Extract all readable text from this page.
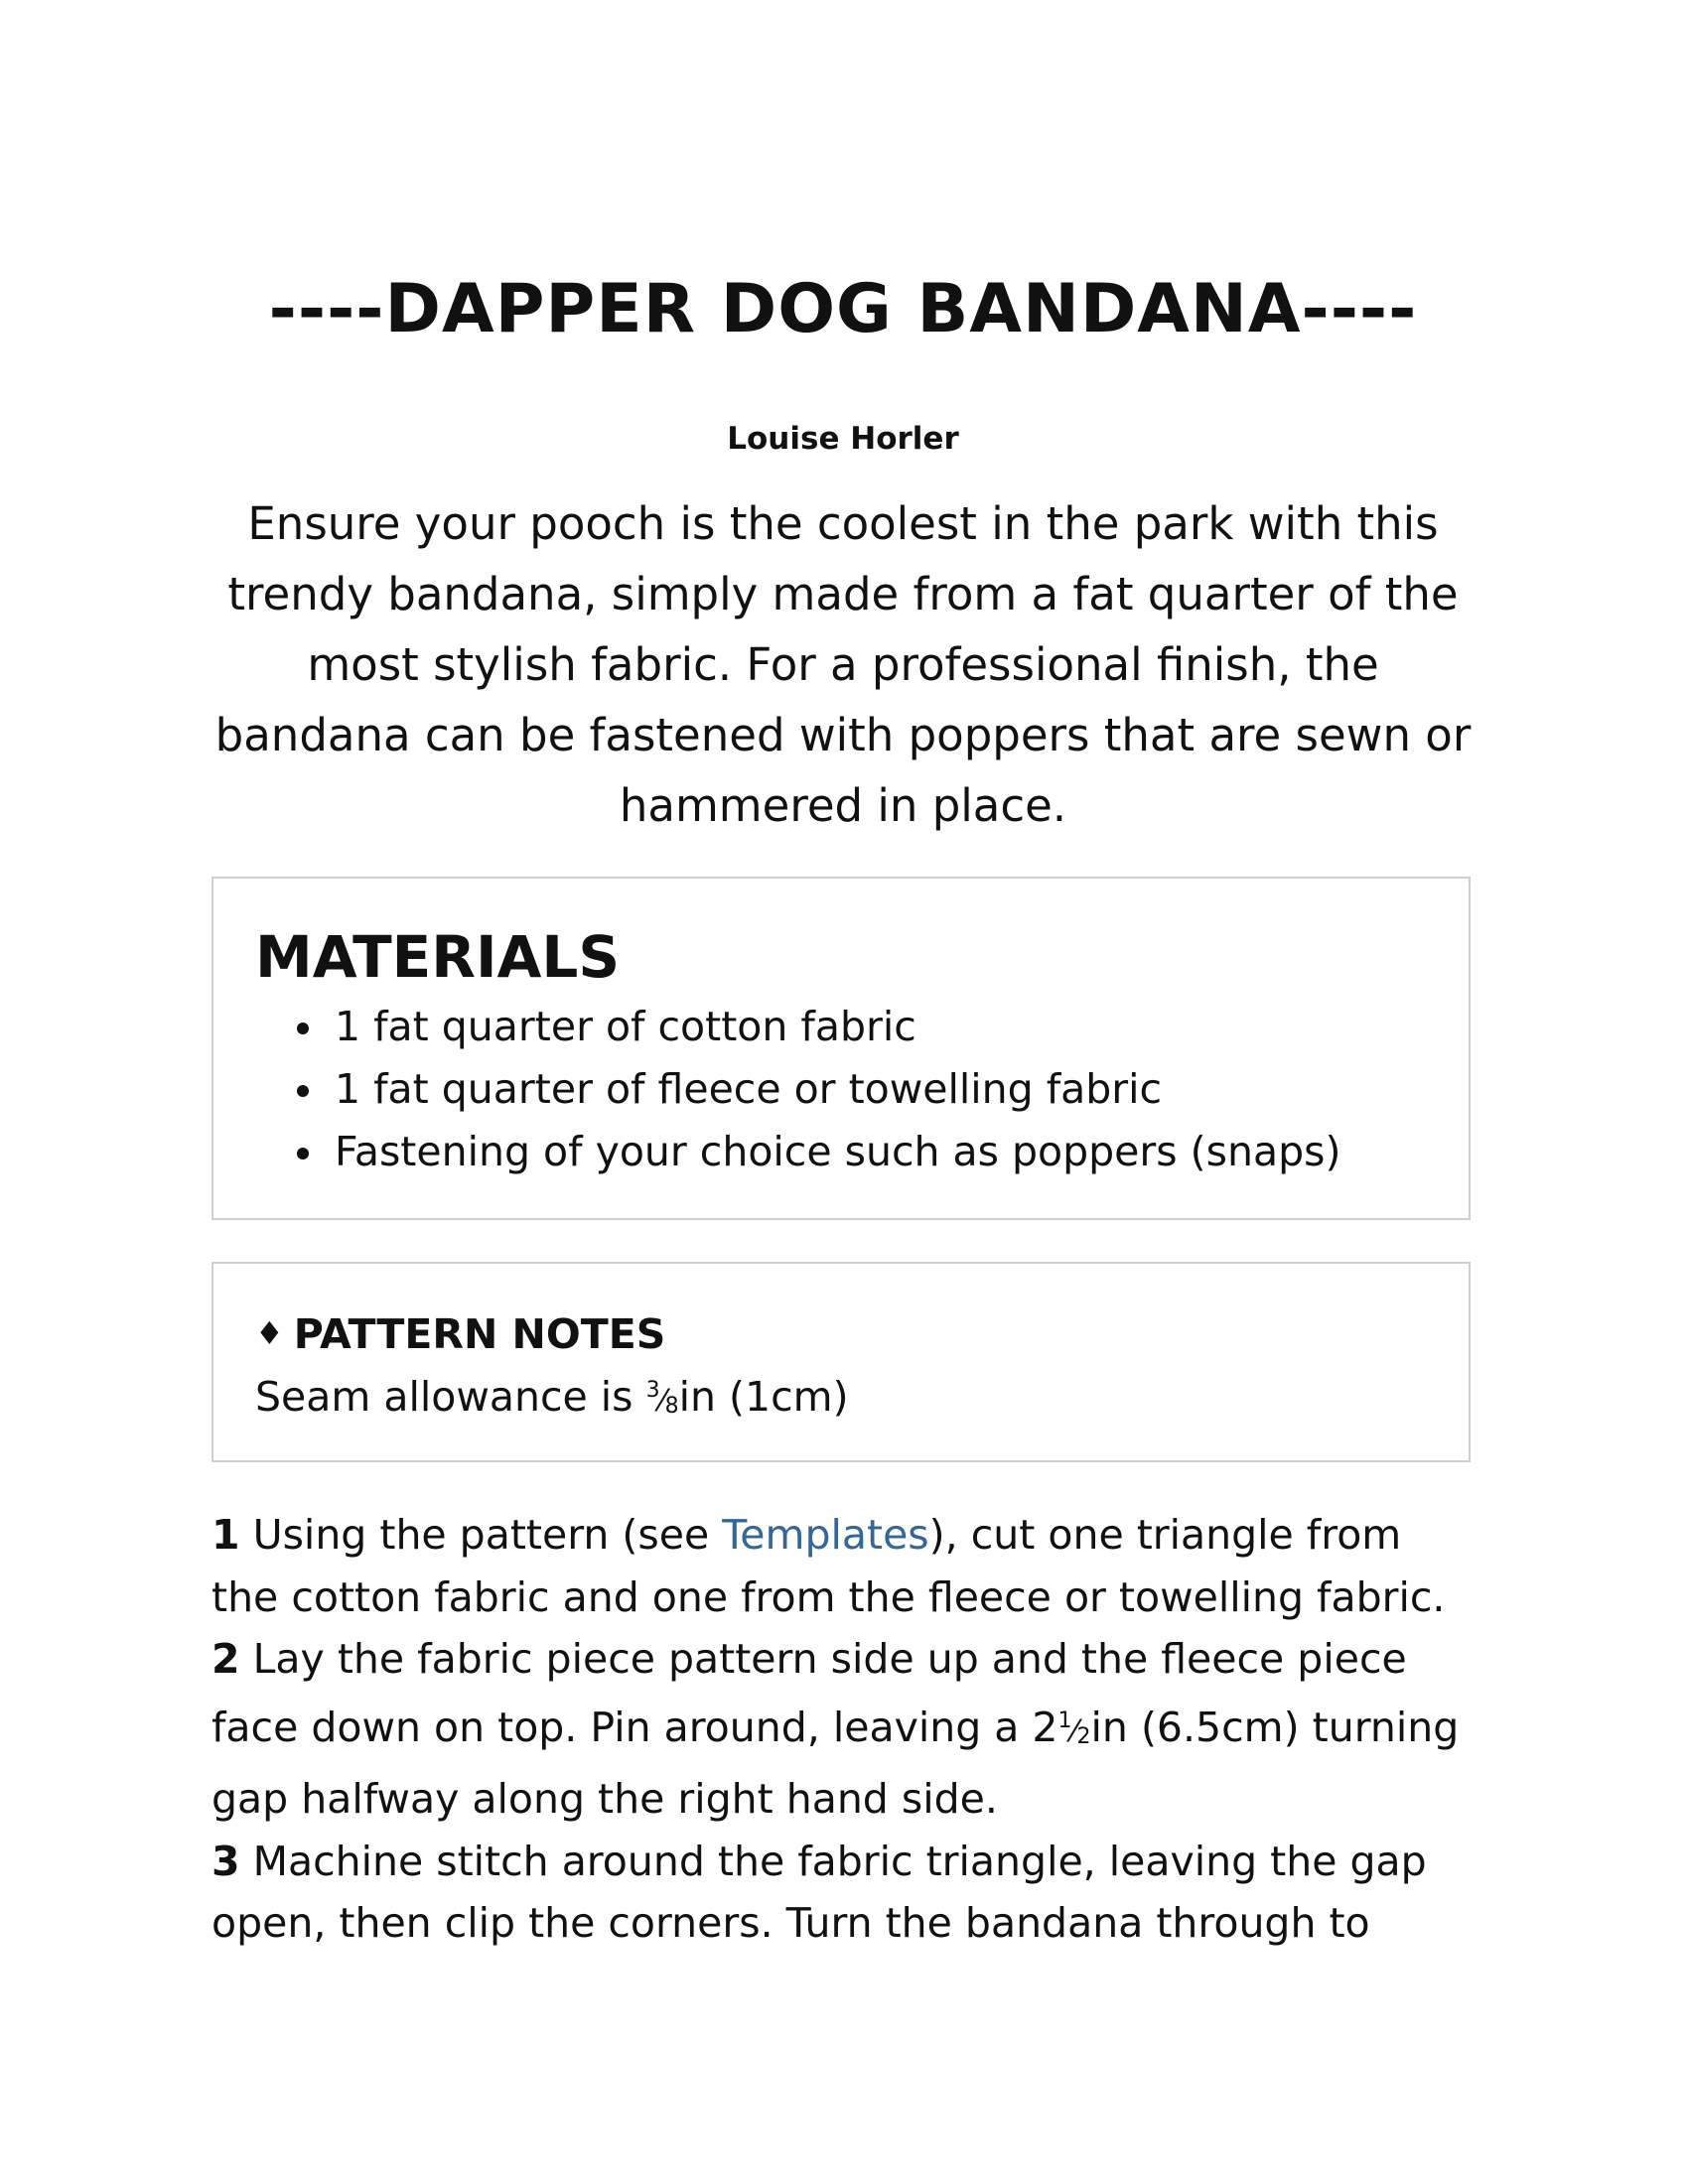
----DAPPER DOG BANDANA----

Louise Horler

Ensure your pooch is the coolest in the park with this trendy bandana, simply made from a fat quarter of the most stylish fabric. For a professional finish, the bandana can be fastened with poppers that are sewn or hammered in place.

MATERIALS
1 fat quarter of cotton fabric
1 fat quarter of fleece or towelling fabric
Fastening of your choice such as poppers (snaps)
♦ PATTERN NOTES

Seam allowance is $^3⁄_8in$ (1cm)

1 Using the pattern (see Templates), cut one triangle from the cotton fabric and one from the fleece or towelling fabric.
2 Lay the fabric piece pattern side up and the fleece piece face down on top. Pin around, leaving a $2^1⁄_2in$ (6.5cm) turning gap halfway along the right hand side.
3 Machine stitch around the fabric triangle, leaving the gap open, then clip the corners. Turn the bandana through to
